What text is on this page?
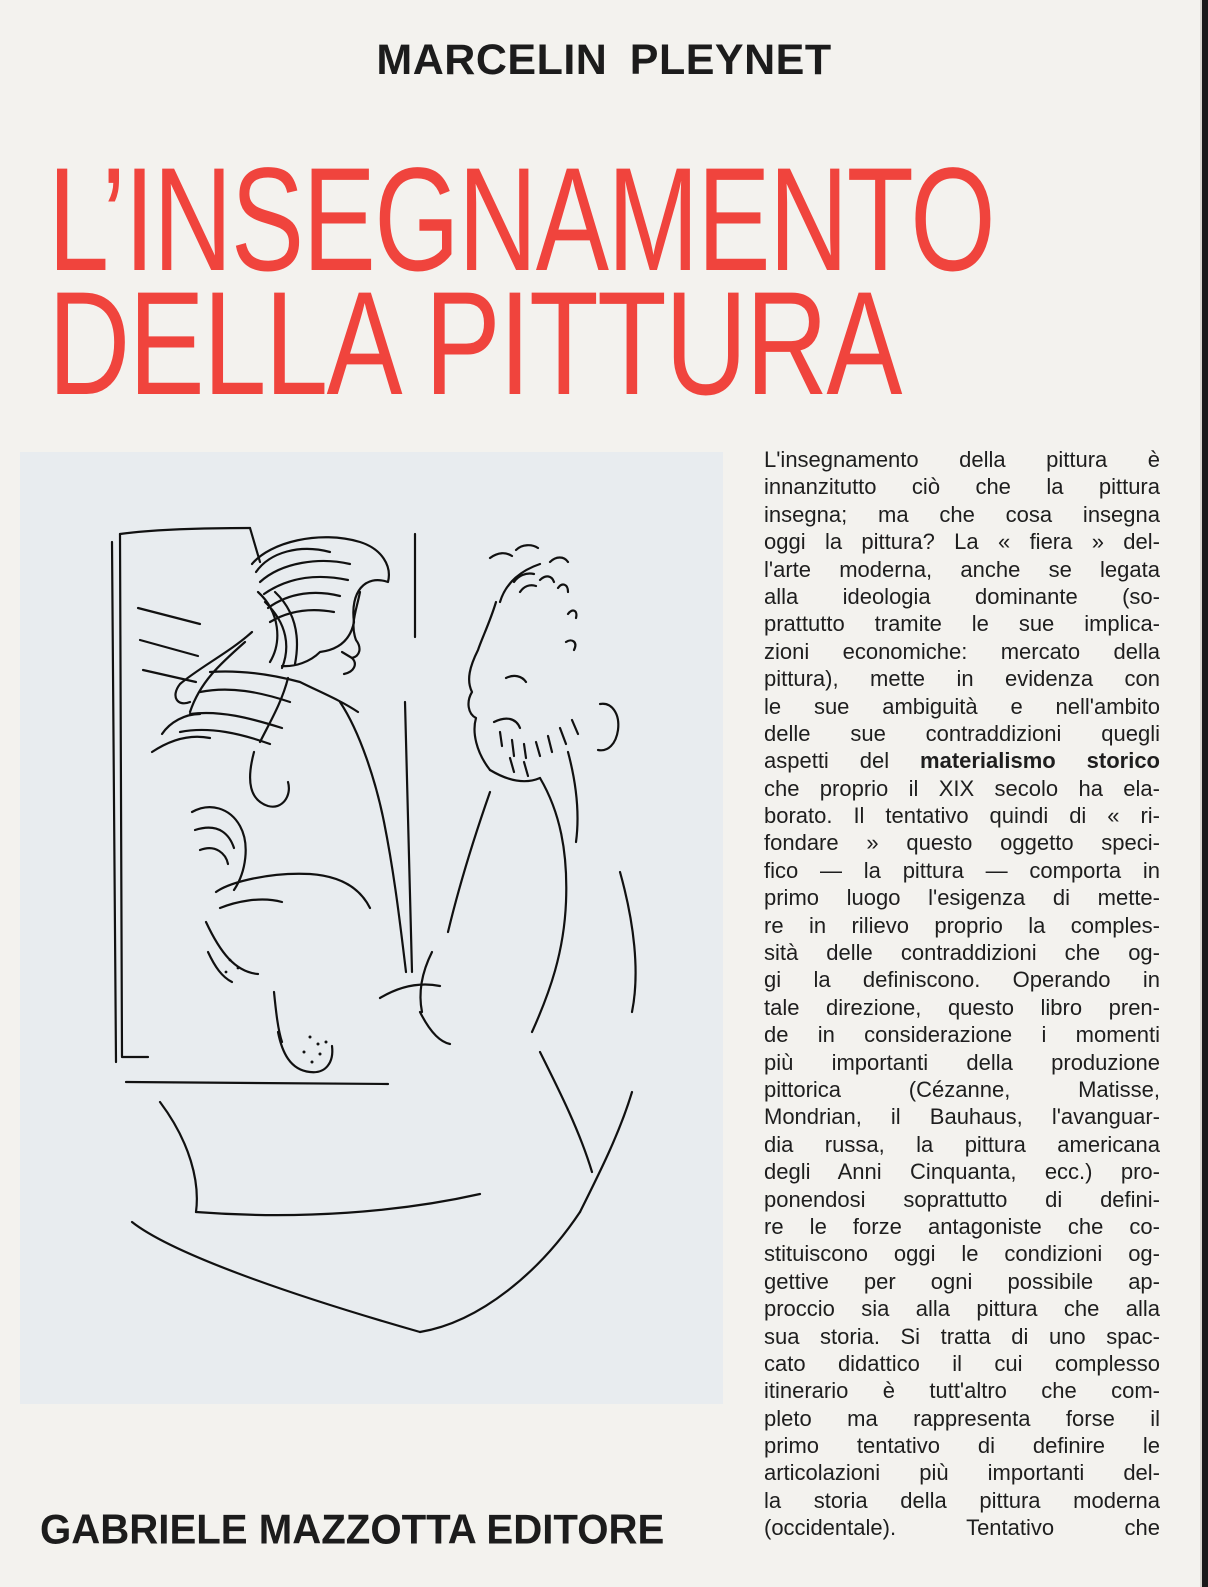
MARCELIN PLEYNET
L’INSEGNAMENTO
DELLA PITTURA
L'insegnamento della pittura è
innanzitutto ciò che la pittura
insegna; ma che cosa insegna
oggi la pittura? La « fiera » del-
l'arte moderna, anche se legata
alla ideologia dominante (so-
prattutto tramite le sue implica-
zioni economiche: mercato della
pittura), mette in evidenza con
le sue ambiguità e nell'ambito
delle sue contraddizioni quegli
aspetti del materialismo storico
che proprio il XIX secolo ha ela-
borato. Il tentativo quindi di « ri-
fondare » questo oggetto speci-
fico — la pittura — comporta in
primo luogo l'esigenza di mette-
re in rilievo proprio la comples-
sità delle contraddizioni che og-
gi la definiscono. Operando in
tale direzione, questo libro pren-
de in considerazione i momenti
più importanti della produzione
pittorica (Cézanne, Matisse,
Mondrian, il Bauhaus, l'avanguar-
dia russa, la pittura americana
degli Anni Cinquanta, ecc.) pro-
ponendosi soprattutto di defini-
re le forze antagoniste che co-
stituiscono oggi le condizioni og-
gettive per ogni possibile ap-
proccio sia alla pittura che alla
sua storia. Si tratta di uno spac-
cato didattico il cui complesso
itinerario è tutt'altro che com-
pleto ma rappresenta forse il
primo tentativo di definire le
articolazioni più importanti del-
la storia della pittura moderna
(occidentale). Tentativo che
GABRIELE MAZZOTTA EDITORE
